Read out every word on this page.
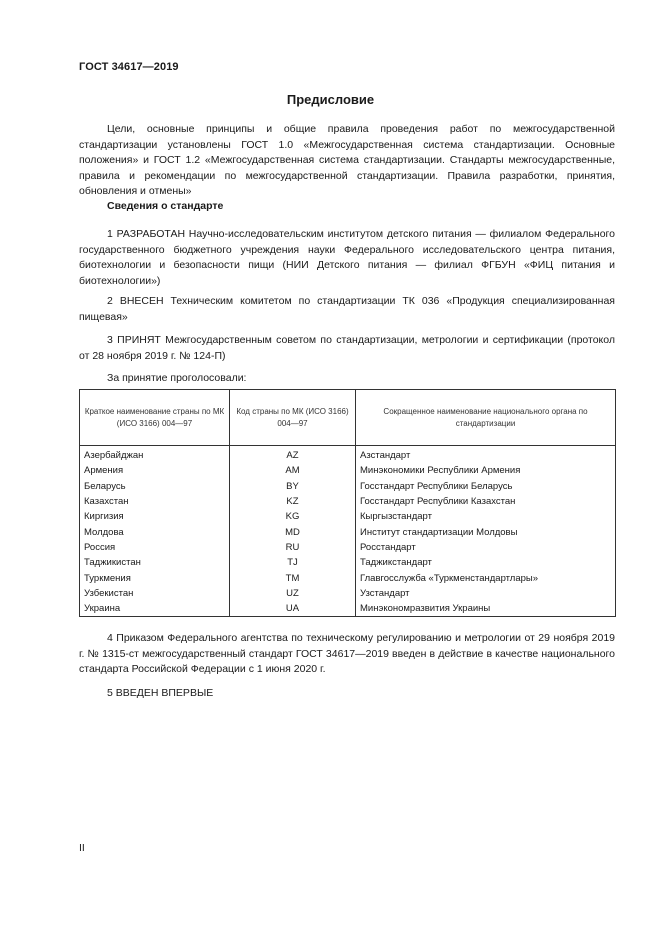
ГОСТ 34617—2019
Предисловие

Цели, основные принципы и общие правила проведения работ по межгосударственной стандартизации установлены ГОСТ 1.0 «Межгосударственная система стандартизации. Основные положения» и ГОСТ 1.2 «Межгосударственная система стандартизации. Стандарты межгосударственные, правила и рекомендации по межгосударственной стандартизации. Правила разработки, принятия, обновления и отмены»

Сведения о стандарте

1 РАЗРАБОТАН Научно-исследовательским институтом детского питания — филиалом Федерального государственного бюджетного учреждения науки Федерального исследовательского центра питания, биотехнологии и безопасности пищи (НИИ Детского питания — филиал ФГБУН «ФИЦ питания и биотехнологии»)

2 ВНЕСЕН Техническим комитетом по стандартизации ТК 036 «Продукция специализированная пищевая»

3 ПРИНЯТ Межгосударственным советом по стандартизации, метрологии и сертификации (протокол от 28 ноября 2019 г. № 124-П)

За принятие проголосовали:
Краткое наименование страны по МК (ИСО 3166) 004—97	Код страны по МК (ИСО 3166) 004—97	Сокращенное наименование национального органа по стандартизации
Азербайджан	AZ	Азстандарт
Армения	AM	Минэкономики Республики Армения
Беларусь	BY	Госстандарт Республики Беларусь
Казахстан	KZ	Госстандарт Республики Казахстан
Киргизия	KG	Кыргызстандарт
Молдова	MD	Институт стандартизации Молдовы
Россия	RU	Росстандарт
Таджикистан	TJ	Таджикстандарт
Туркмения	TM	Главгосслужба «Туркменстандартлары»
Узбекистан	UZ	Узстандарт
Украина	UA	Минэкономразвития Украины

4 Приказом Федерального агентства по техническому регулированию и метрологии от 29 ноября 2019 г. № 1315-ст межгосударственный стандарт ГОСТ 34617—2019 введен в действие в качестве национального стандарта Российской Федерации с 1 июня 2020 г.

5 ВВЕДЕН ВПЕРВЫЕ

II
